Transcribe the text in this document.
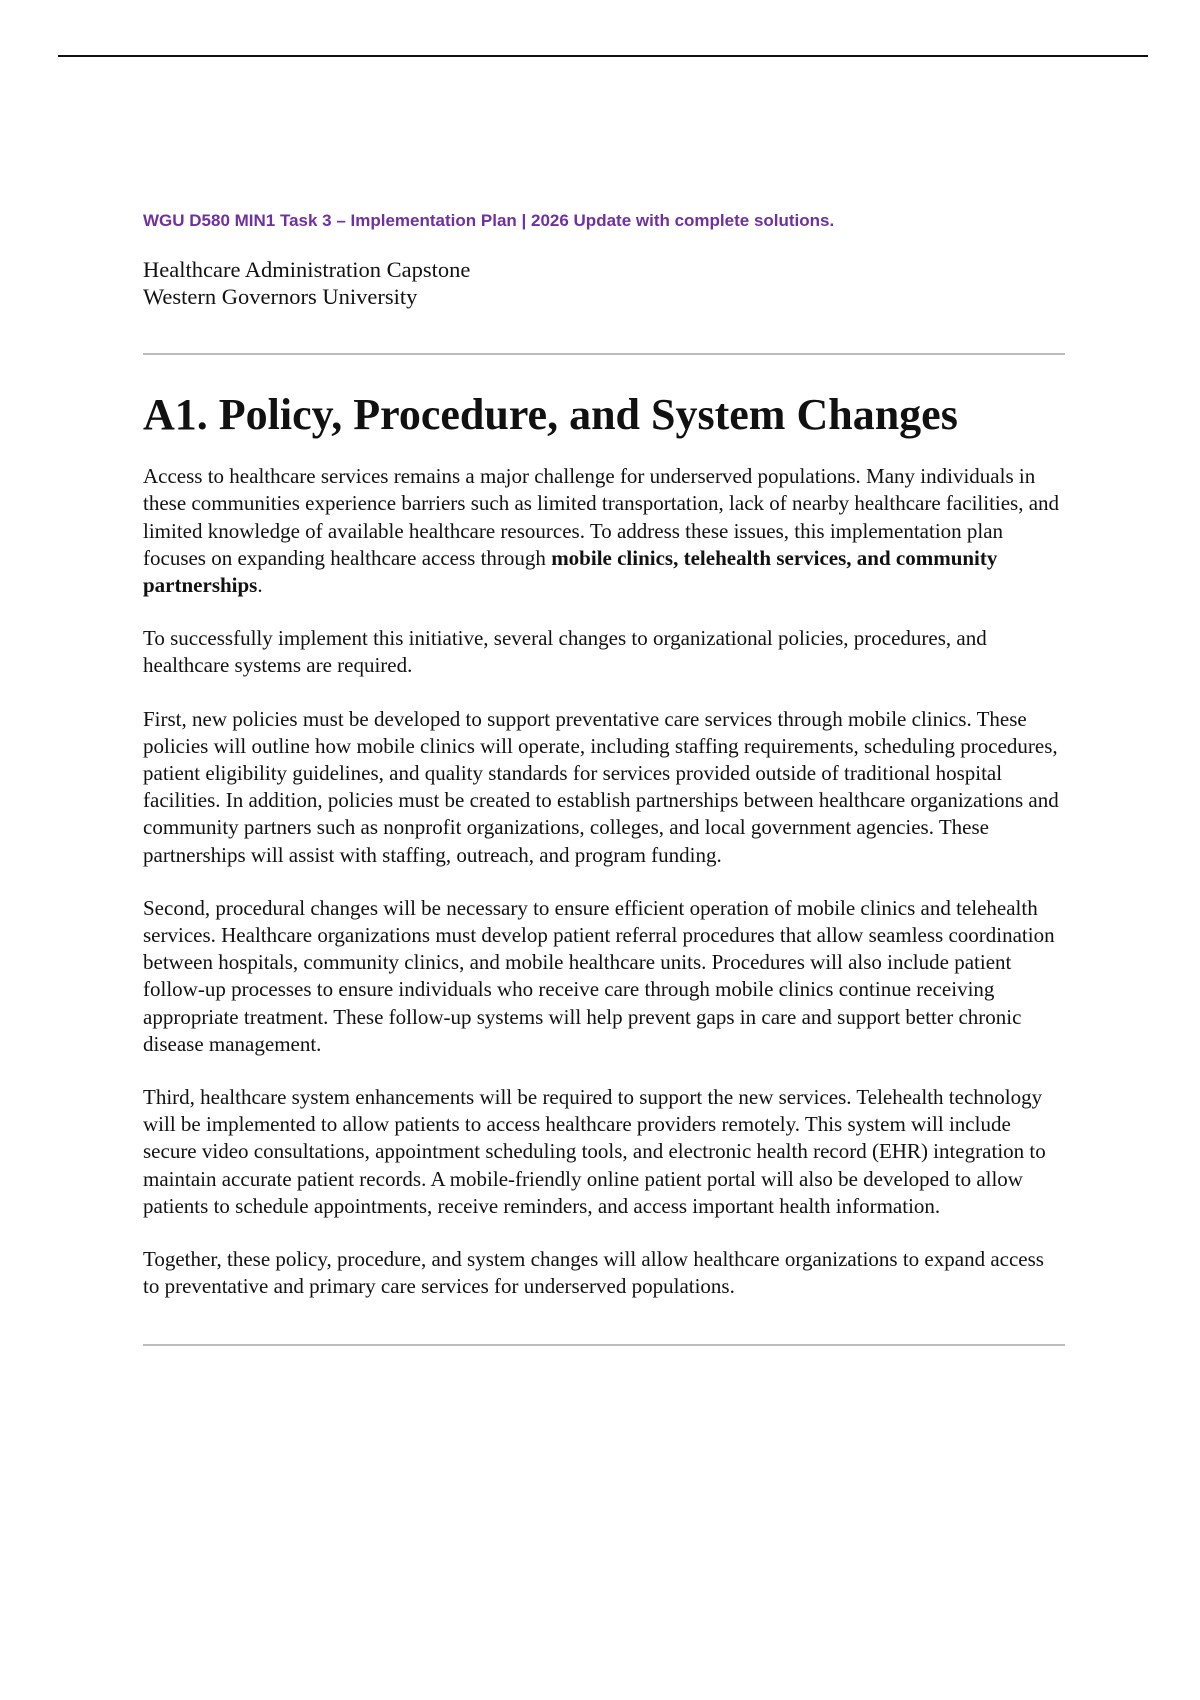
WGU D580 MIN1 Task 3 – Implementation Plan | 2026 Update with complete solutions.

Healthcare Administration Capstone

Western Governors University

A1. Policy, Procedure, and System Changes

Access to healthcare services remains a major challenge for underserved populations. Many individuals in these communities experience barriers such as limited transportation, lack of nearby healthcare facilities, and limited knowledge of available healthcare resources. To address these issues, this implementation plan focuses on expanding healthcare access through mobile clinics, telehealth services, and community partnerships.

To successfully implement this initiative, several changes to organizational policies, procedures, and healthcare systems are required.

First, new policies must be developed to support preventative care services through mobile clinics. These policies will outline how mobile clinics will operate, including staffing requirements, scheduling procedures, patient eligibility guidelines, and quality standards for services provided outside of traditional hospital facilities. In addition, policies must be created to establish partnerships between healthcare organizations and community partners such as nonprofit organizations, colleges, and local government agencies. These partnerships will assist with staffing, outreach, and program funding.

Second, procedural changes will be necessary to ensure efficient operation of mobile clinics and telehealth services. Healthcare organizations must develop patient referral procedures that allow seamless coordination between hospitals, community clinics, and mobile healthcare units. Procedures will also include patient follow-up processes to ensure individuals who receive care through mobile clinics continue receiving appropriate treatment. These follow-up systems will help prevent gaps in care and support better chronic disease management.

Third, healthcare system enhancements will be required to support the new services. Telehealth technology will be implemented to allow patients to access healthcare providers remotely. This system will include secure video consultations, appointment scheduling tools, and electronic health record (EHR) integration to maintain accurate patient records. A mobile-friendly online patient portal will also be developed to allow patients to schedule appointments, receive reminders, and access important health information.

Together, these policy, procedure, and system changes will allow healthcare organizations to expand access to preventative and primary care services for underserved populations.
